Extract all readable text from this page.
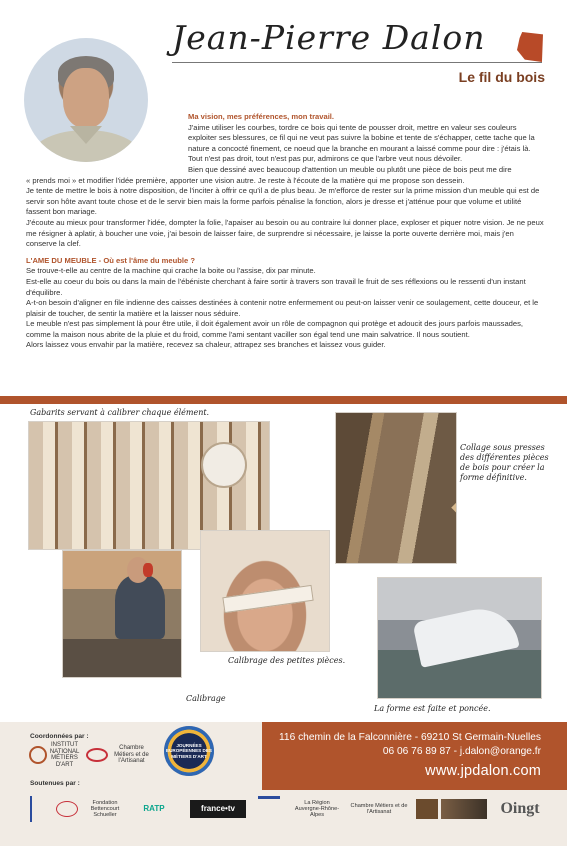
Jean-Pierre Dalon
Le fil du bois

Ma vision, mes préférences, mon travail.

J'aime utiliser les courbes, tordre ce bois qui tente de pousser droit, mettre en valeur ses couleurs exploiter ses blessures, ce fil qui ne veut pas suivre la bobine et tente de s'échapper, cette tache que la nature a concocté finement, ce noeud que la branche en mourant a laissé comme pour dire : j'étais là.

Tout n'est pas droit, tout n'est pas pur, admirons ce que l'arbre veut nous dévoiler.

Bien que dessiné avec beaucoup d'attention un meuble ou plutôt une pièce de bois peut me dire

« prends moi » et modifier l'idée première, apporter une vision autre. Je reste à l'écoute de la matière qui me propose son dessein.

Je tente de mettre le bois à notre disposition, de l'inciter à offrir ce qu'il a de plus beau. Je m'efforce de rester sur la prime mission d'un meuble qui est de servir son hôte avant toute chose et de le servir bien mais la forme parfois pénalise la fonction, alors je dresse et j'atténue pour que volume et utilité fassent bon mariage.

J'écoute au mieux pour transformer l'idée, dompter la folie, l'apaiser au besoin ou au contraire lui donner place, exploser et piquer notre vision. Je ne peux me résigner à aplatir, à boucher une voie, j'ai besoin de laisser faire, de surprendre si nécessaire, je laisse la porte ouverte derrière moi, mais j'en conserve la clef.

L'AME DU MEUBLE - Où est l'âme du meuble ?

Se trouve-t-elle au centre de la machine qui crache la boite ou l'assise, dix par minute.

Est-elle au coeur du bois ou dans la main de l'ébéniste cherchant à faire sortir à travers son travail le fruit de ses réflexions ou le ressenti d'un instant d'équilibre.

A-t-on besoin d'aligner en file indienne des caisses destinées à contenir notre enfermement ou peut-on laisser venir ce soulagement, cette douceur, et le plaisir de toucher, de sentir la matière et la laisser nous séduire.

Le meuble n'est pas simplement là pour être utile, il doit également avoir un rôle de compagnon qui protège et adoucit des jours parfois maussades, comme la maison nous abrite de la pluie et du froid, comme l'ami sentant vaciller son égal tend une main salvatrice. Il nous soutient.

Alors laissez vous envahir par la matière, recevez sa chaleur, attrapez ses branches et laissez vous guider.

Gabarits servant à calibrer chaque élément.
Collage sous presses des différentes pièces de bois pour créer la forme définitive.
Calibrage des petites pièces.
Calibrage
La forme est faite et poncée.
Coordonnées par :
INSTITUT NATIONAL MÉTIERS D'ART
Chambre Métiers et de l'Artisanat
JOURNÉES EUROPÉENNES DES MÉTIERS D'ART
116 chemin de la Falconnière - 69210 St Germain-Nuelles
06 06 76 89 87 - j.dalon@orange.fr
www.jpdalon.com
Soutenues par :
Fondation Bettencourt Schueller
RATP	france•tv
La Région Auvergne-Rhône-Alpes
Chambre Métiers et de l'Artisanat	Oingt
